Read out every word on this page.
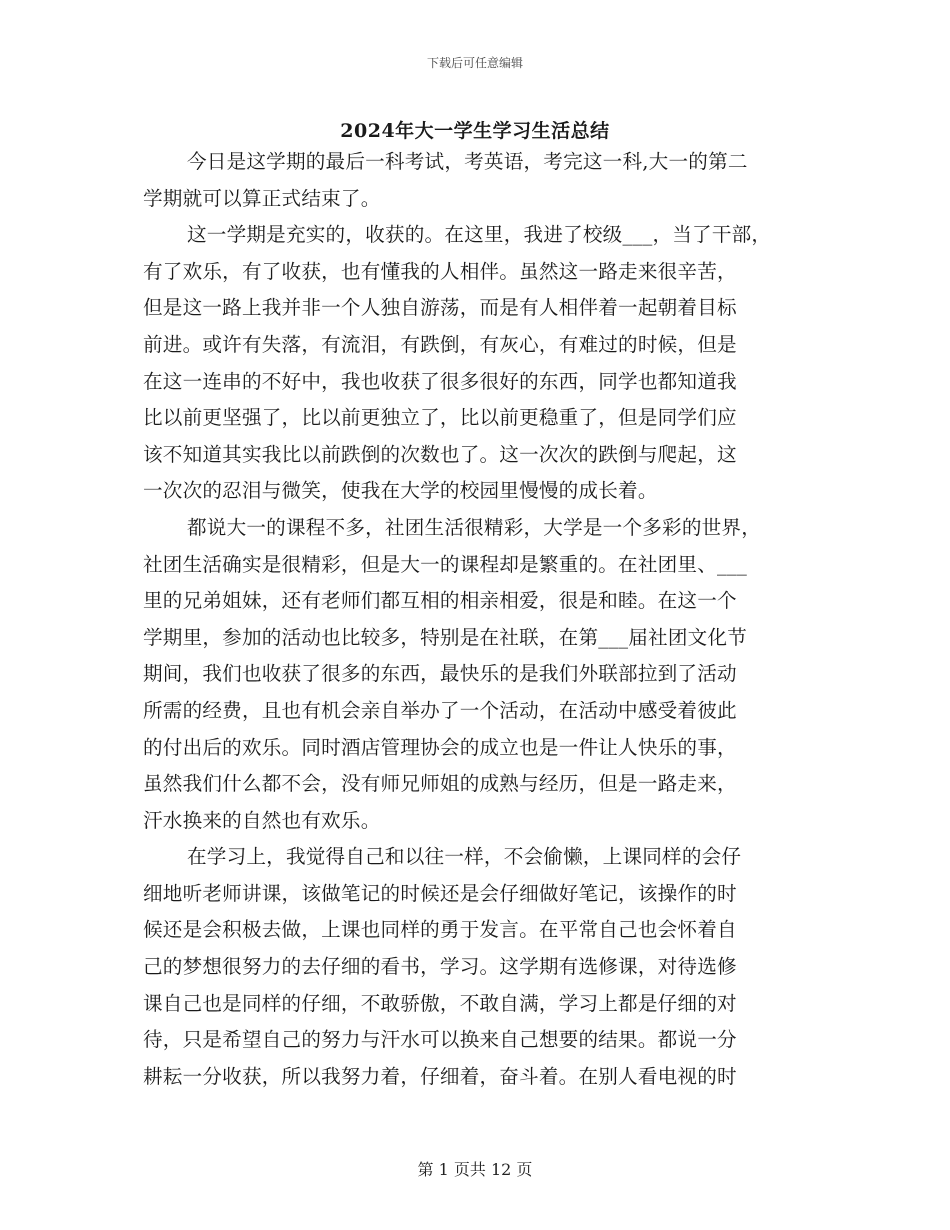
下载后可任意编辑
2024年大一学生学习生活总结
今日是这学期的最后一科考试，考英语，考完这一科,大一的第二
学期就可以算正式结束了。
这一学期是充实的，收获的。在这里，我进了校级___，当了干部，
有了欢乐，有了收获，也有懂我的人相伴。虽然这一路走来很辛苦，
但是这一路上我并非一个人独自游荡，而是有人相伴着一起朝着目标
前进。或许有失落，有流泪，有跌倒，有灰心，有难过的时候，但是
在这一连串的不好中，我也收获了很多很好的东西，同学也都知道我
比以前更坚强了，比以前更独立了，比以前更稳重了，但是同学们应
该不知道其实我比以前跌倒的次数也了。这一次次的跌倒与爬起，这
一次次的忍泪与微笑，使我在大学的校园里慢慢的成长着。
都说大一的课程不多，社团生活很精彩，大学是一个多彩的世界，
社团生活确实是很精彩，但是大一的课程却是繁重的。在社团里、___
里的兄弟姐妹，还有老师们都互相的相亲相爱，很是和睦。在这一个
学期里，参加的活动也比较多，特别是在社联，在第___届社团文化节
期间，我们也收获了很多的东西，最快乐的是我们外联部拉到了活动
所需的经费，且也有机会亲自举办了一个活动，在活动中感受着彼此
的付出后的欢乐。同时酒店管理协会的成立也是一件让人快乐的事，
虽然我们什么都不会，没有师兄师姐的成熟与经历，但是一路走来，
汗水换来的自然也有欢乐。
在学习上，我觉得自己和以往一样，不会偷懒，上课同样的会仔
细地听老师讲课，该做笔记的时候还是会仔细做好笔记，该操作的时
候还是会积极去做，上课也同样的勇于发言。在平常自己也会怀着自
己的梦想很努力的去仔细的看书，学习。这学期有选修课，对待选修
课自己也是同样的仔细，不敢骄傲，不敢自满，学习上都是仔细的对
待，只是希望自己的努力与汗水可以换来自己想要的结果。都说一分
耕耘一分收获，所以我努力着，仔细着，奋斗着。在别人看电视的时
第 1 页共 12 页
